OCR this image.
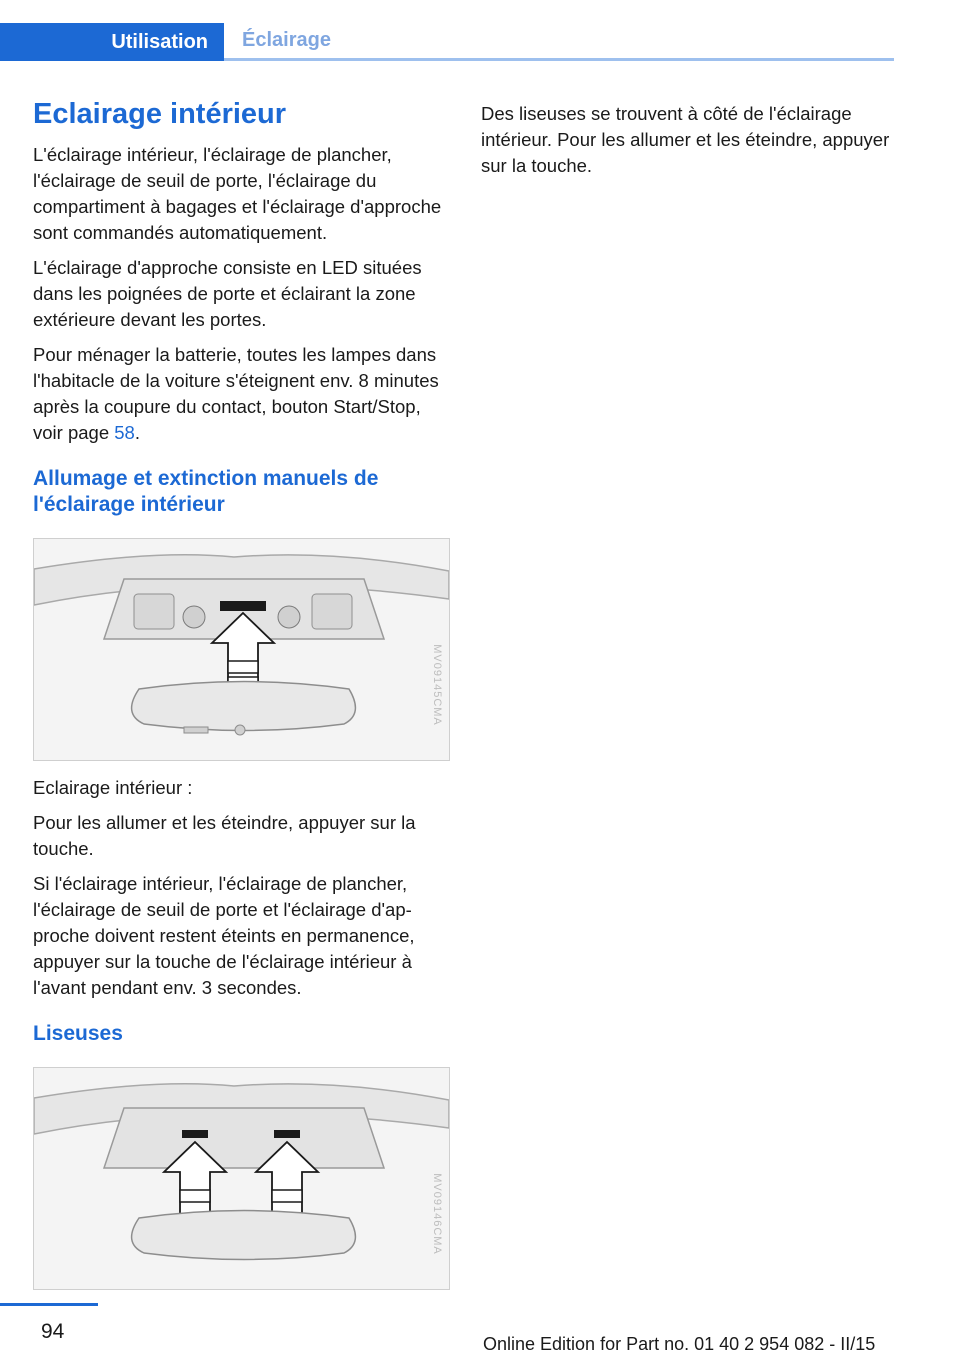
Utilisation	Éclairage
Eclairage intérieur

L'éclairage intérieur, l'éclairage de plancher, l'éclairage de seuil de porte, l'éclairage du compartiment à bagages et l'éclairage d'approche sont commandés automatiquement.

L'éclairage d'approche consiste en LED situées dans les poignées de porte et éclairant la zone extérieure devant les portes.

Pour ménager la batterie, toutes les lampes dans l'habitacle de la voiture s'éteignent env. 8 minutes après la coupure du contact, bouton Start/Stop, voir page 58.

Allumage et extinction manuels de l'éclairage intérieur
MV09145CMA

Eclairage intérieur :

Pour les allumer et les éteindre, appuyer sur la touche.

Si l'éclairage intérieur, l'éclairage de plancher, l'éclairage de seuil de porte et l'éclairage d'approche doivent restent éteints en permanence, appuyer sur la touche de l'éclairage intérieur à l'avant pendant env. 3 secondes.

Liseuses
MV09146CMA

Des liseuses se trouvent à côté de l'éclairage intérieur. Pour les allumer et les éteindre, appuyer sur la touche.

94
Online Edition for Part no. 01 40 2 954 082 - II/15
